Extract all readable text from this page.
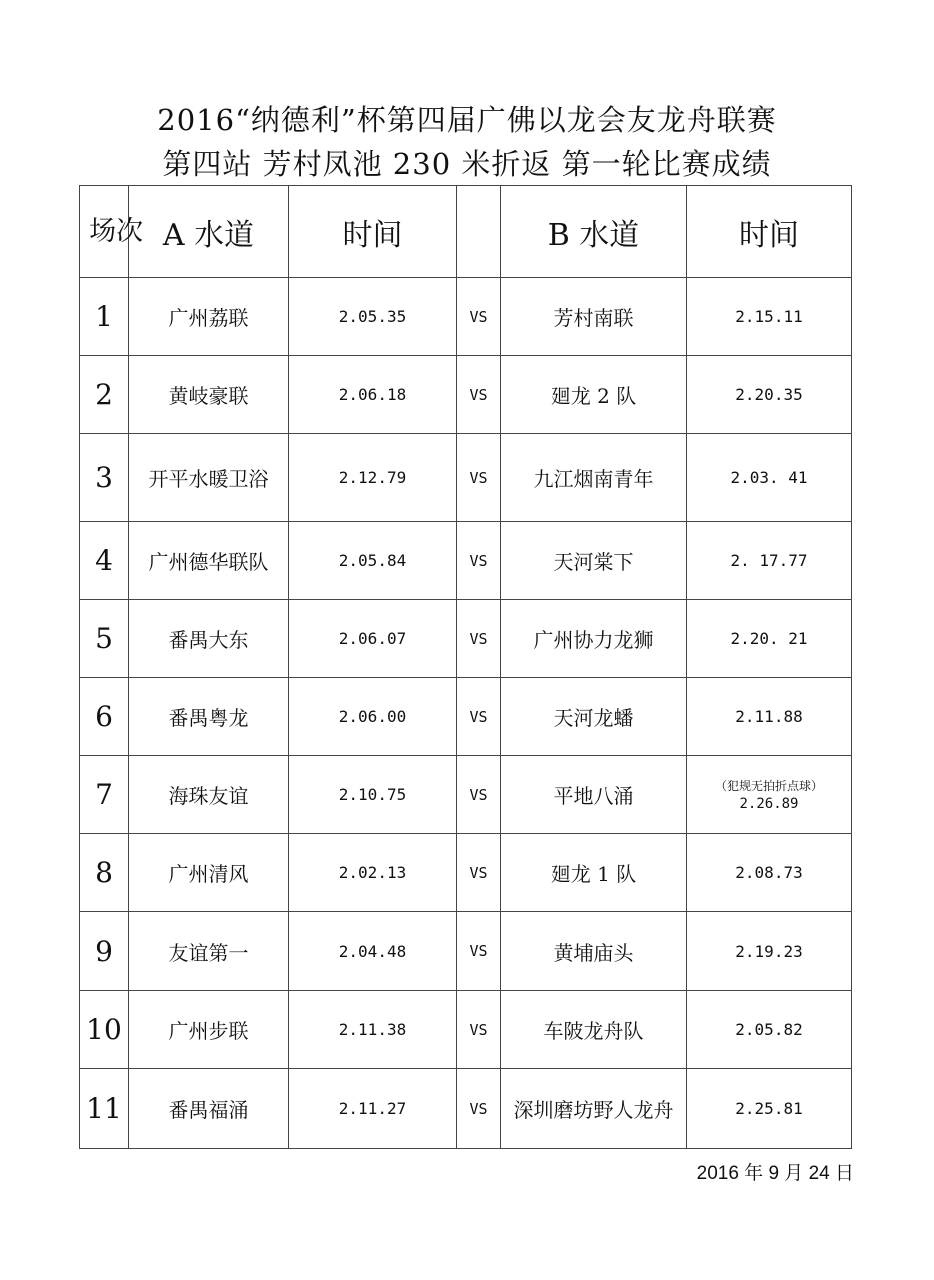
2016“纳德利”杯第四届广佛以龙会友龙舟联赛
第四站 芳村凤池 230 米折返 第一轮比赛成绩
场次	A 水道	时间		B 水道	时间
1	广州荔联	2.05.35	VS	芳村南联	2.15.11
2	黄岐豪联	2.06.18	VS	廻龙 2 队	2.20.35
3	开平水暖卫浴	2.12.79	VS	九江烟南青年	2.03. 41
4	广州德华联队	2.05.84	VS	天河棠下	2. 17.77
5	番禺大东	2.06.07	VS	广州协力龙狮	2.20. 21
6	番禺粤龙	2.06.00	VS	天河龙蟠	2.11.88
7	海珠友谊	2.10.75	VS	平地八涌	（犯规无拍折点球）
2.26.89

8	广州清风	2.02.13	VS	廻龙 1 队	2.08.73
9	友谊第一	2.04.48	VS	黄埔庙头	2.19.23
10	广州步联	2.11.38	VS	车陂龙舟队	2.05.82
11	番禺福涌	2.11.27	VS	深圳磨坊野人龙舟	2.25.81
2016 年 9 月 24 日
